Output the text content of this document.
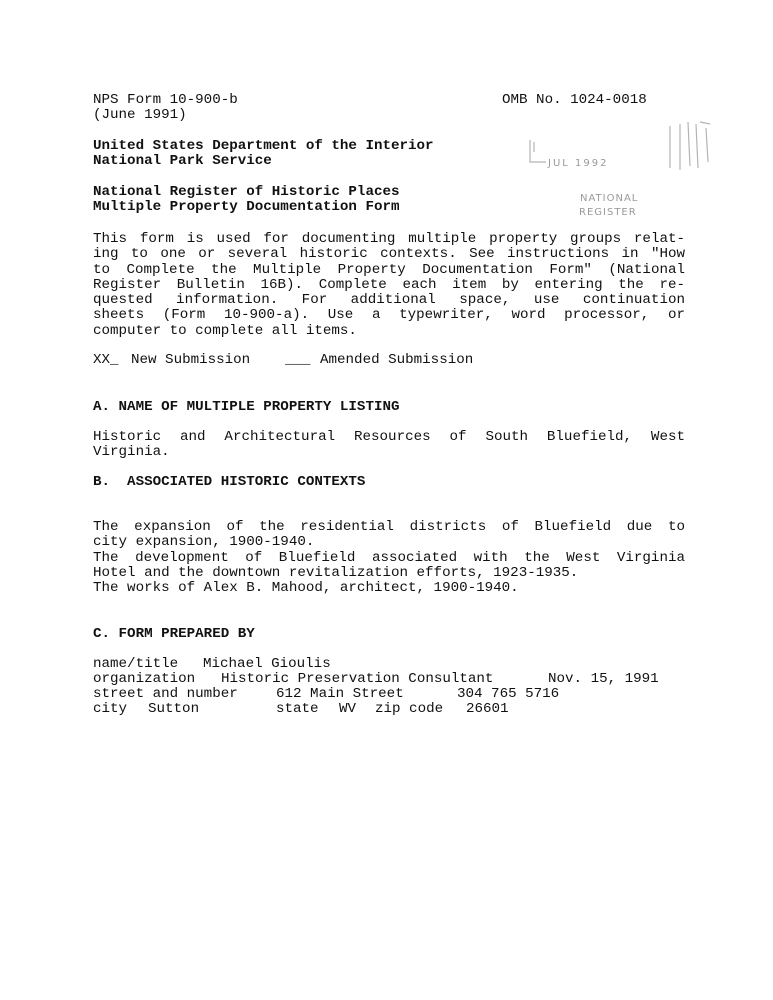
NPS Form 10-900-b
(June 1991)
OMB No. 1024-0018
United States Department of the Interior
National Park Service
National Register of Historic Places
Multiple Property Documentation Form
JUL 1992
NATIONAL
REGISTER
This form is used for documenting multiple property groups relat-
ing to one or several historic contexts. See instructions in "How
to Complete the Multiple Property Documentation Form" (National
Register Bulletin 16B). Complete each item by entering the re-
quested information. For additional space, use continuation
sheets (Form 10-900-a). Use a typewriter, word processor, or
computer to complete all items.
XX_ New Submission ___ Amended Submission
A. NAME OF MULTIPLE PROPERTY LISTING
Historic and Architectural Resources of South Bluefield, West
Virginia.
B.  ASSOCIATED HISTORIC CONTEXTS
The expansion of the residential districts of Bluefield due to
city expansion, 1900-1940.
The development of Bluefield associated with the West Virginia
Hotel and the downtown revitalization efforts, 1923-1935.
The works of Alex B. Mahood, architect, 1900-1940.
C. FORM PREPARED BY
name/title Michael Gioulis
organization Historic Preservation Consultant	Nov. 15, 1991
street and number	612 Main Street	304 765 5716
city Sutton	state WV zip code 26601
